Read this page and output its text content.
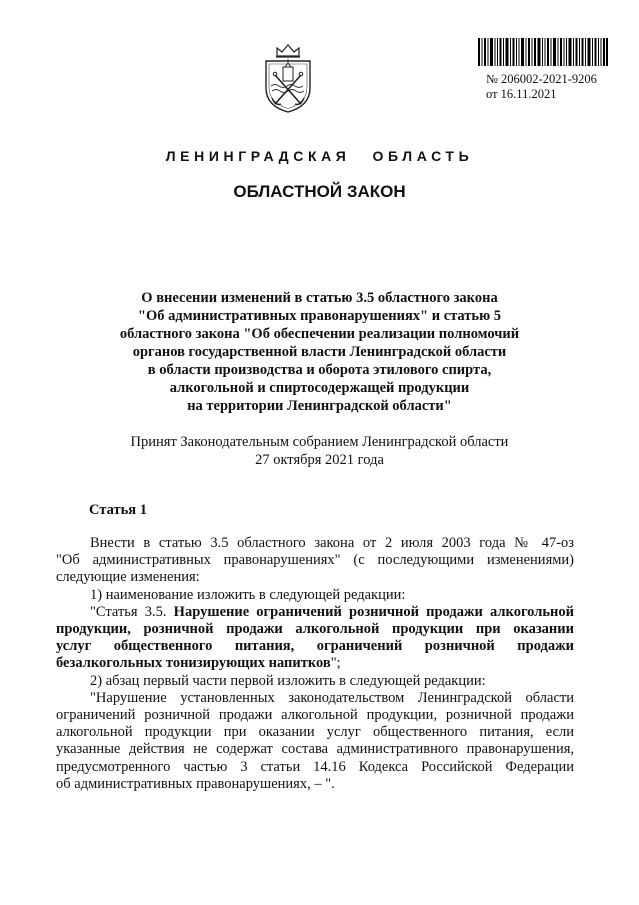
№ 206002-2021-9206
от 16.11.2021
ЛЕНИНГРАДСКАЯ ОБЛАСТЬ
ОБЛАСТНОЙ ЗАКОН
О внесении изменений в статью 3.5 областного закона
"Об административных правонарушениях" и статью 5
областного закона "Об обеспечении реализации полномочий
органов государственной власти Ленинградской области
в области производства и оборота этилового спирта,
алкогольной и спиртосодержащей продукции
на территории Ленинградской области"
Принят Законодательным собранием Ленинградской области
27 октября 2021 года
Статья 1

Внести в статью 3.5 областного закона от 2 июля 2003 года № 47-оз

"Об административных правонарушениях" (с последующими изменениями)

следующие изменения:

1) наименование изложить в следующей редакции:

"Статья 3.5. Нарушение ограничений розничной продажи алкогольной

продукции, розничной продажи алкогольной продукции при оказании

услуг общественного питания, ограничений розничной продажи

безалкогольных тонизирующих напитков";

2) абзац первый части первой изложить в следующей редакции:

"Нарушение установленных законодательством Ленинградской области

ограничений розничной продажи алкогольной продукции, розничной продажи

алкогольной продукции при оказании услуг общественного питания, если

указанные действия не содержат состава административного правонарушения,

предусмотренного частью 3 статьи 14.16 Кодекса Российской Федерации

об административных правонарушениях, – ".
